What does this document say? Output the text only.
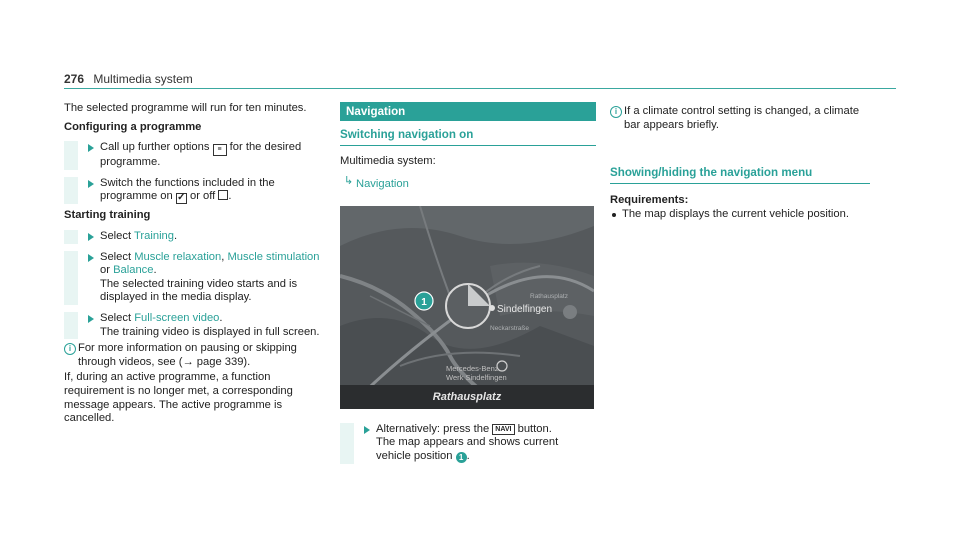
276 Multimedia system

The selected programme will run for ten minutes.

Configuring a programme

Call up further options ≡ for the desired programme.
Switch the functions included in the programme on ✓ or off .

Starting training

Select Training.
Select Muscle relaxation, Muscle stimulation or Balance.
The selected training video starts and is displayed in the media display.
Select Full-screen video.
The training video is displayed in full screen.
i For more information on pausing or skipping through videos, see (→ page 339).

If, during an active programme, a function requirement is no longer met, a corresponding message appears. The active programme is cancelled.

Navigation
Switching navigation on

Multimedia system:

↳ Navigation
1
Sindelfingen
Mercedes-Benz
Werk Sindelfingen
Neckarstraße
Rathausplatz
Rathausplatz
Alternatively: press the NAVI button.
The map appears and shows current vehicle position 1 .
i If a climate control setting is changed, a climate bar appears briefly.
Showing/hiding the navigation menu

Requirements:

The map displays the current vehicle position.
